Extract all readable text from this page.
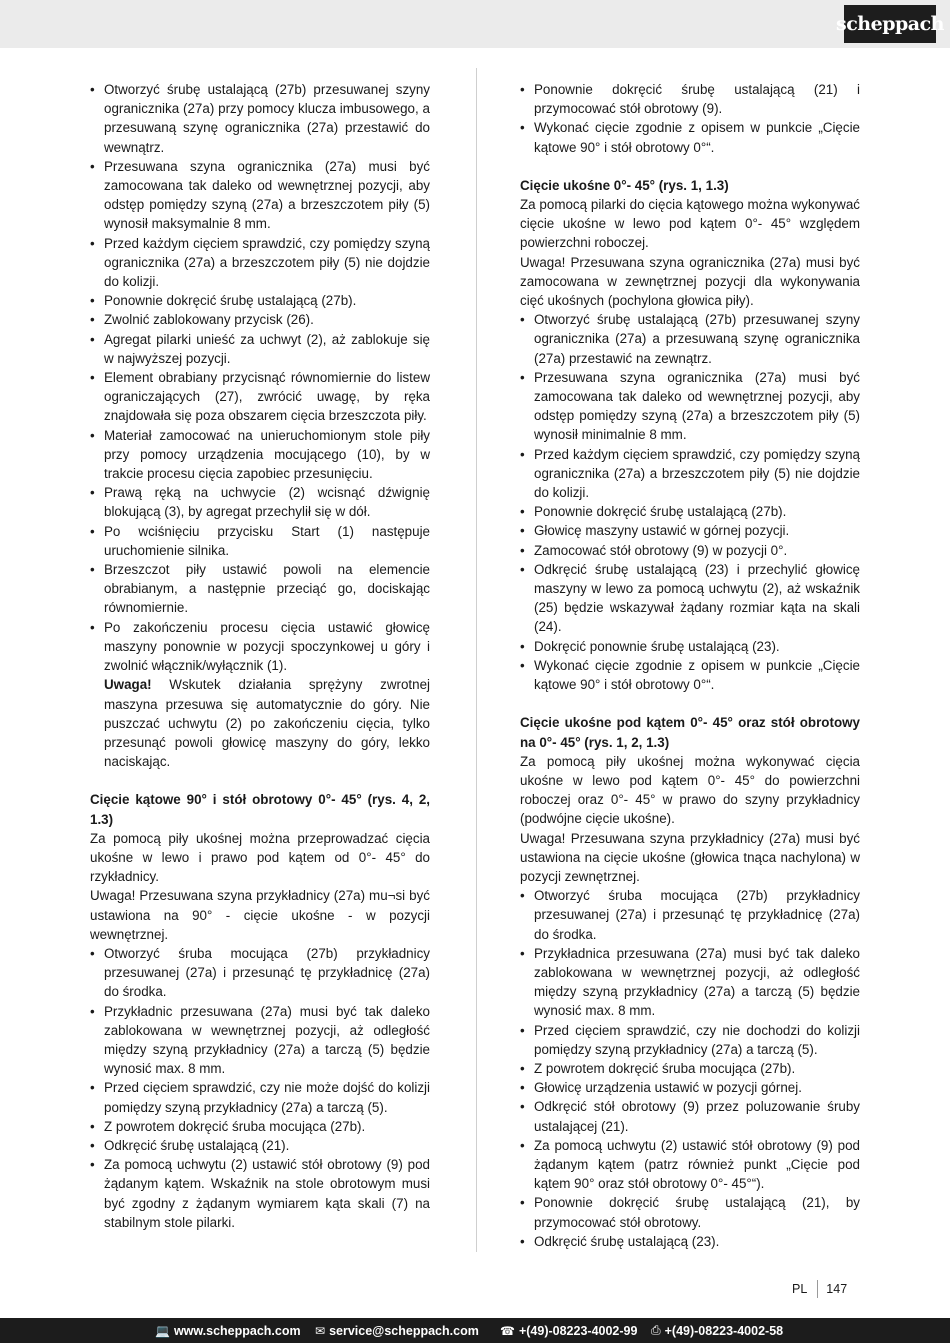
scheppach
• Otworzyć śrubę ustalającą (27b) przesuwanej szyny ogranicznika (27a) przy pomocy klucza imbusowego, a przesuwaną szynę ogranicznika (27a) przestawić do wewnątrz.
• Przesuwana szyna ogranicznika (27a) musi być zamocowana tak daleko od wewnętrznej pozycji, aby odstęp pomiędzy szyną (27a) a brzeszczotem piły (5) wynosił maksymalnie 8 mm.
• Przed każdym cięciem sprawdzić, czy pomiędzy szyną ogranicznika (27a) a brzeszczotem piły (5) nie dojdzie do kolizji.
• Ponownie dokręcić śrubę ustalającą (27b).
• Zwolnić zablokowany przycisk (26).
• Agregat pilarki unieść za uchwyt (2), aż zablokuje się w najwyższej pozycji.
• Element obrabiany przycisnąć równomiernie do listew ograniczających (27), zwrócić uwagę, by ręka znajdowała się poza obszarem cięcia brzeszczota piły.
• Materiał zamocować na unieruchomionym stole piły przy pomocy urządzenia mocującego (10), by w trakcie procesu cięcia zapobiec przesunięciu.
• Prawą ręką na uchwycie (2) wcisnąć dźwignię blokującą (3), by agregat przechylił się w dół.
• Po wciśnięciu przycisku Start (1) następuje uruchomienie silnika.
• Brzeszczot piły ustawić powoli na elemencie obrabianym, a następnie przeciąć go, dociskając równomiernie.
• Po zakończeniu procesu cięcia ustawić głowicę maszyny ponownie w pozycji spoczynkowej u góry i zwolnić włącznik/wyłącznik (1).

Uwaga! Wskutek działania sprężyny zwrotnej maszyna przesuwa się automatycznie do góry. Nie puszczać uchwytu (2) po zakończeniu cięcia, tylko przesunąć powoli głowicę maszyny do góry, lekko naciskając.

Cięcie kątowe 90° i stół obrotowy 0°- 45° (rys. 4, 2, 1.3)

Za pomocą piły ukośnej można przeprowadzać cięcia ukośne w lewo i prawo pod kątem od 0°- 45° do rzykładnicy.

Uwaga! Przesuwana szyna przykładnicy (27a) mu¬si być ustawiona na 90° - cięcie ukośne - w pozycji wewnętrznej.

• Otworzyć śruba mocująca (27b) przykładnicy przesuwanej (27a) i przesunąć tę przykładnicę (27a) do środka.
• Przykładnic przesuwana (27a) musi być tak daleko zablokowana w wewnętrznej pozycji, aż odległość między szyną przykładnicy (27a) a tarczą (5) będzie wynosić max. 8 mm.
• Przed cięciem sprawdzić, czy nie może dojść do kolizji pomiędzy szyną przykładnicy (27a) a tarczą (5).
• Z powrotem dokręcić śruba mocująca (27b).
• Odkręcić śrubę ustalającą (21).
• Za pomocą uchwytu (2) ustawić stół obrotowy (9) pod żądanym kątem. Wskaźnik na stole obrotowym musi być zgodny z żądanym wymiarem kąta skali (7) na stabilnym stole pilarki.
• Ponownie dokręcić śrubę ustalającą (21) i przymocować stół obrotowy (9).
• Wykonać cięcie zgodnie z opisem w punkcie „Cięcie kątowe 90° i stół obrotowy 0°“.

Cięcie ukośne 0°- 45° (rys. 1, 1.3)

Za pomocą pilarki do cięcia kątowego można wykonywać cięcie ukośne w lewo pod kątem 0°- 45° względem powierzchni roboczej.

Uwaga! Przesuwana szyna ogranicznika (27a) musi być zamocowana w zewnętrznej pozycji dla wykonywania cięć ukośnych (pochylona głowica piły).

• Otworzyć śrubę ustalającą (27b) przesuwanej szyny ogranicznika (27a) a przesuwaną szynę ogranicznika (27a) przestawić na zewnątrz.
• Przesuwana szyna ogranicznika (27a) musi być zamocowana tak daleko od wewnętrznej pozycji, aby odstęp pomiędzy szyną (27a) a brzeszczotem piły (5) wynosił minimalnie 8 mm.
• Przed każdym cięciem sprawdzić, czy pomiędzy szyną ogranicznika (27a) a brzeszczotem piły (5) nie dojdzie do kolizji.
• Ponownie dokręcić śrubę ustalającą (27b).
• Głowicę maszyny ustawić w górnej pozycji.
• Zamocować stół obrotowy (9) w pozycji 0°.
• Odkręcić śrubę ustalającą (23) i przechylić głowicę maszyny w lewo za pomocą uchwytu (2), aż wskaźnik (25) będzie wskazywał żądany rozmiar kąta na skali (24).
• Dokręcić ponownie śrubę ustalającą (23).
• Wykonać cięcie zgodnie z opisem w punkcie „Cięcie kątowe 90° i stół obrotowy 0°“.

Cięcie ukośne pod kątem 0°- 45° oraz stół obrotowy na 0°- 45° (rys. 1, 2, 1.3)

Za pomocą piły ukośnej można wykonywać cięcia ukośne w lewo pod kątem 0°- 45° do powierzchni roboczej oraz 0°- 45° w prawo do szyny przykładnicy (podwójne cięcie ukośne).

Uwaga! Przesuwana szyna przykładnicy (27a) musi być ustawiona na cięcie ukośne (głowica tnąca nachylona) w pozycji zewnętrznej.

• Otworzyć śruba mocująca (27b) przykładnicy przesuwanej (27a) i przesunąć tę przykładnicę (27a) do środka.
• Przykładnica przesuwana (27a) musi być tak daleko zablokowana w wewnętrznej pozycji, aż odległość między szyną przykładnicy (27a) a tarczą (5) będzie wynosić max. 8 mm.
• Przed cięciem sprawdzić, czy nie dochodzi do kolizji pomiędzy szyną przykładnicy (27a) a tarczą (5).
• Z powrotem dokręcić śruba mocująca (27b).
• Głowicę urządzenia ustawić w pozycji górnej.
• Odkręcić stół obrotowy (9) przez poluzowanie śruby ustalającej (21).
• Za pomocą uchwytu (2) ustawić stół obrotowy (9) pod żądanym kątem (patrz również punkt „Cięcie pod kątem 90° oraz stół obrotowy 0°- 45°“).
• Ponownie dokręcić śrubę ustalającą (21), by przymocować stół obrotowy.
• Odkręcić śrubę ustalającą (23).
PL	147
💻 www.scheppach.com ✉ service@scheppach.com ☎ +(49)-08223-4002-99 ⎙ +(49)-08223-4002-58
